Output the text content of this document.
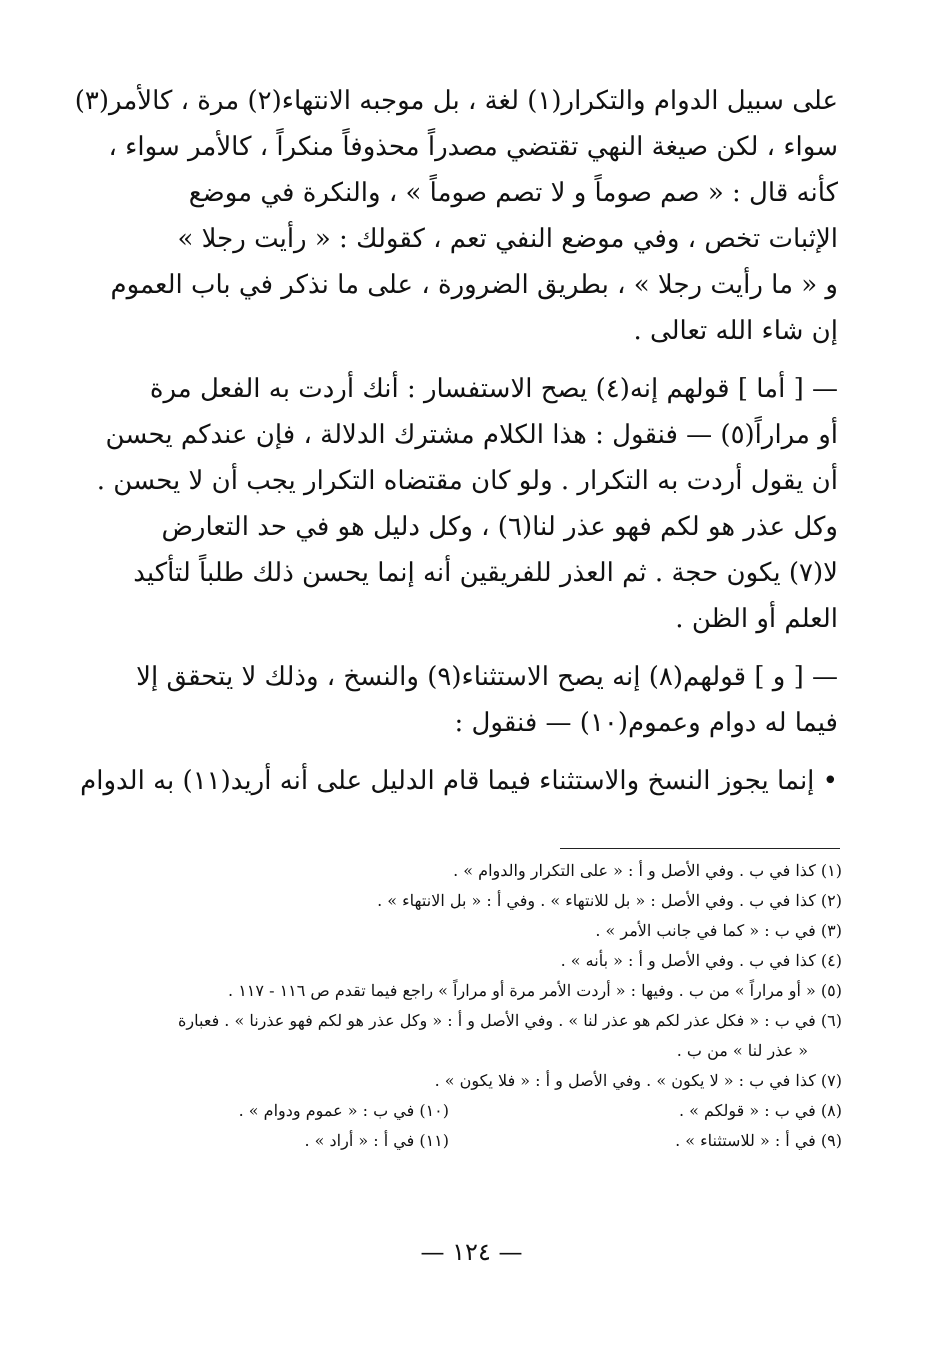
على سبيل الدوام والتكرار(١) لغة ، بل موجبه الانتهاء(٢) مرة ، كالأمر(٣)
سواء ، لكن صيغة النهي تقتضي مصدراً محذوفاً منكراً ، كالأمر سواء ،
كأنه قال : « صم صوماً و لا تصم صوماً » ، والنكرة في موضع
الإثبات تخص ، وفي موضع النفي تعم ، كقولك : « رأيت رجلا »
و « ما رأيت رجلا » ، بطريق الضرورة ، على ما نذكر في باب العموم
إن شاء الله تعالى .

— [ أما ] قولهم إنه(٤) يصح الاستفسار : أنك أردت به الفعل مرة
أو مراراً(٥) — فنقول : هذا الكلام مشترك الدلالة ، فإن عندكم يحسن
أن يقول أردت به التكرار . ولو كان مقتضاه التكرار يجب أن لا يحسن .
وكل عذر هو لكم فهو عذر لنا(٦) ، وكل دليل هو في حد التعارض
لا(٧) يكون حجة . ثم العذر للفريقين أنه إنما يحسن ذلك طلباً لتأكيد
العلم أو الظن .

— [ و ] قولهم(٨) إنه يصح الاستثناء(٩) والنسخ ، وذلك لا يتحقق إلا
فيما له دوام وعموم(١٠) — فنقول :

• إنما يجوز النسخ والاستثناء فيما قام الدليل على أنه أريد(١١) به الدوام

(١) كذا في ب . وفي الأصل و أ : « على التكرار والدوام » .
(٢) كذا في ب . وفي الأصل : « بل للانتهاء » . وفي أ : « بل الانتهاء » .
(٣) في ب : « كما في جانب الأمر » .
(٤) كذا في ب . وفي الأصل و أ : « بأنه » .
(٥) « أو مراراً » من ب . وفيها : « أردت الأمر مرة أو مراراً » راجع فيما تقدم ص ١١٦ - ١١٧ .
(٦) في ب : « فكل عذر لكم هو عذر لنا » . وفي الأصل و أ : « وكل عذر هو لكم فهو عذرنا » . فعبارة
« عذر لنا » من ب .
(٧) كذا في ب : « لا يكون » . وفي الأصل و أ : « فلا يكون » .
(٨) في ب : « قولكم » .
(١٠) في ب : « عموم ودوام » .
(٩) في أ : « للاستثناء » .
(١١) في أ : « أراد » .
— ١٢٤ —
